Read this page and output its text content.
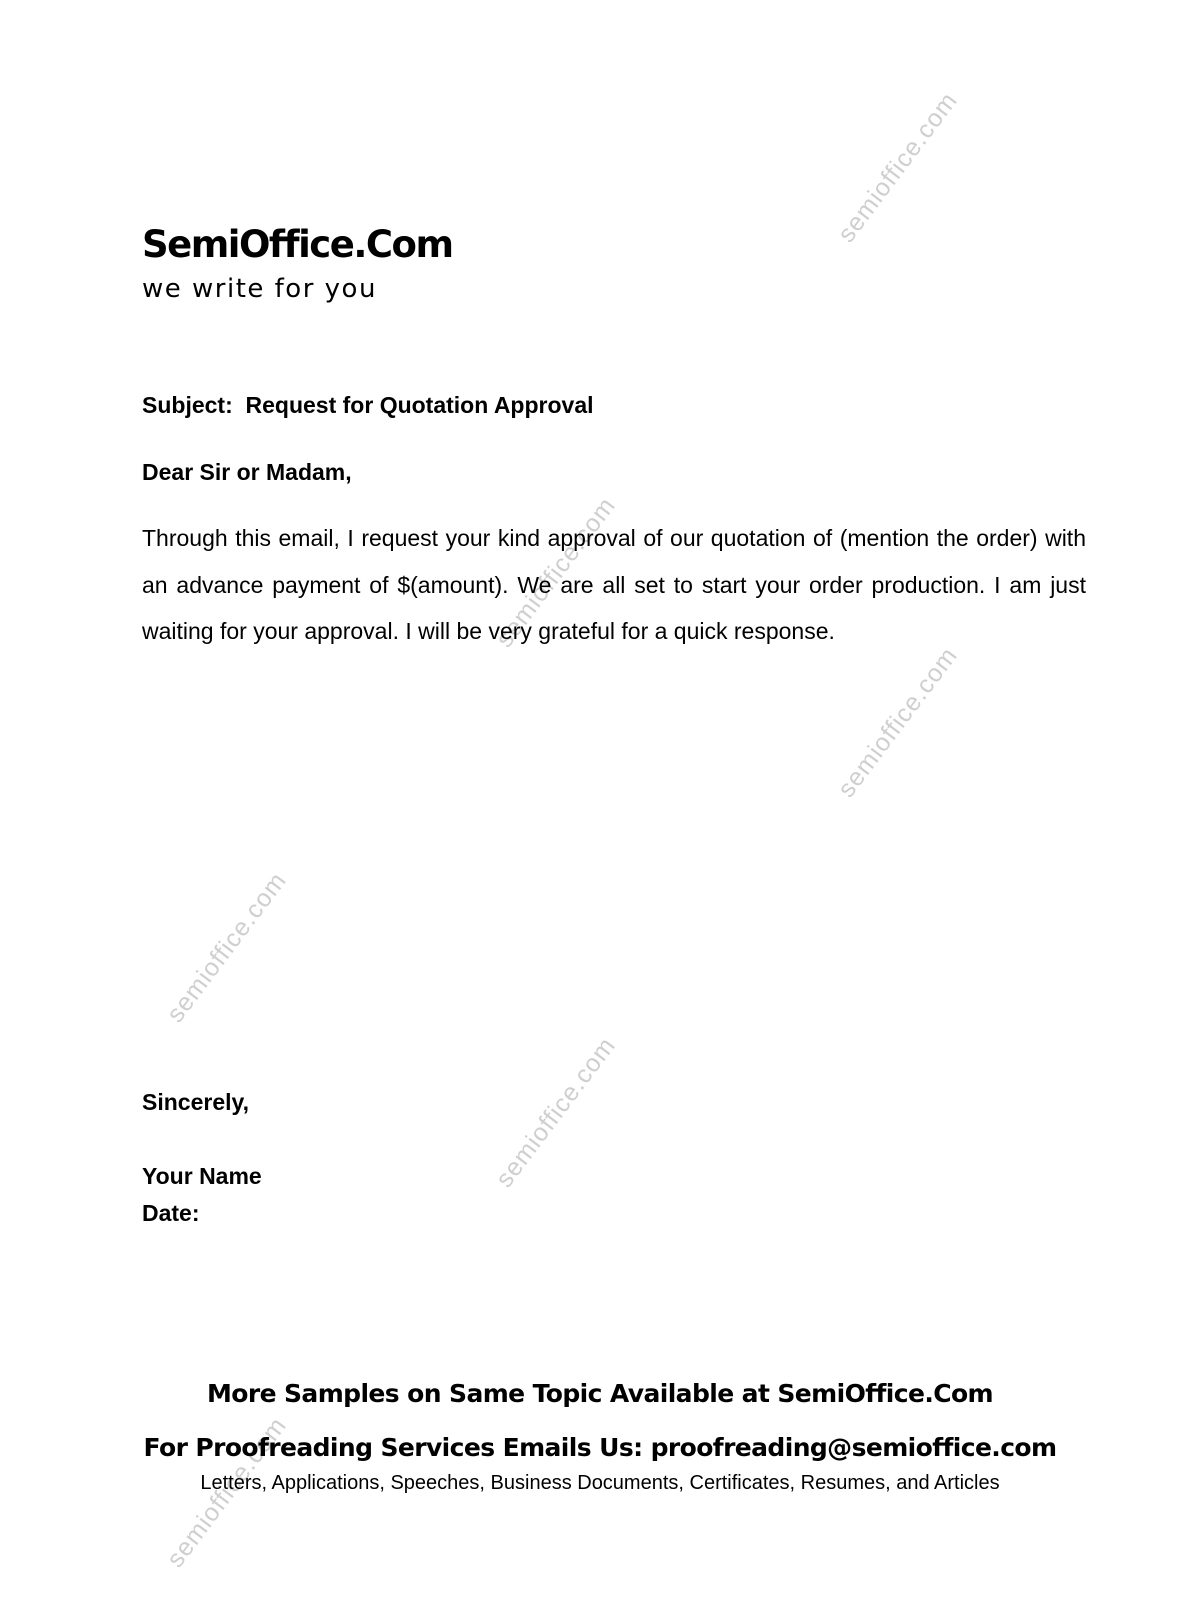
semioffice.com
semioffice.com
semioffice.com
semioffice.com
semioffice.com
semioffice.com
SemiOffice.Com
we write for you
Subject:  Request for Quotation Approval
Dear Sir or Madam,

Through this email, I request your kind approval of our quotation of (mention the order) with an advance payment of $(amount). We are all set to start your order production. I am just waiting for your approval. I will be very grateful for a quick response.

Sincerely,
Your Name
Date:
More Samples on Same Topic Available at SemiOffice.Com
For Proofreading Services Emails Us: proofreading@semioffice.com
Letters, Applications, Speeches, Business Documents, Certificates, Resumes, and Articles
